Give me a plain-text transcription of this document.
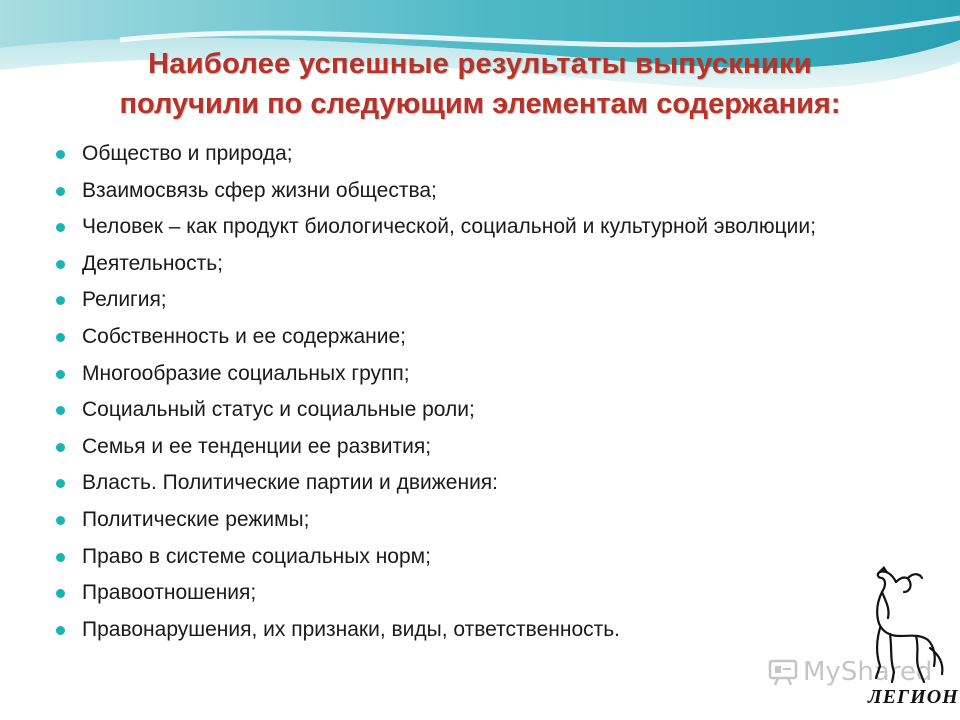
Наиболее успешные результаты выпускники
получили по следующим элементам содержания:
Общество и природа;
Взаимосвязь сфер жизни общества;
Человек – как продукт биологической, социальной и культурной эволюции;
Деятельность;
Религия;
Собственность и ее содержание;
Многообразие социальных групп;
Социальный статус и социальные роли;
Семья и ее тенденции ее развития;
Власть. Политические партии и движения:
Политические режимы;
Право в системе социальных норм;
Правоотношения;
Правонарушения, их признаки, виды, ответственность.
MyShared
ЛЕГИОН
